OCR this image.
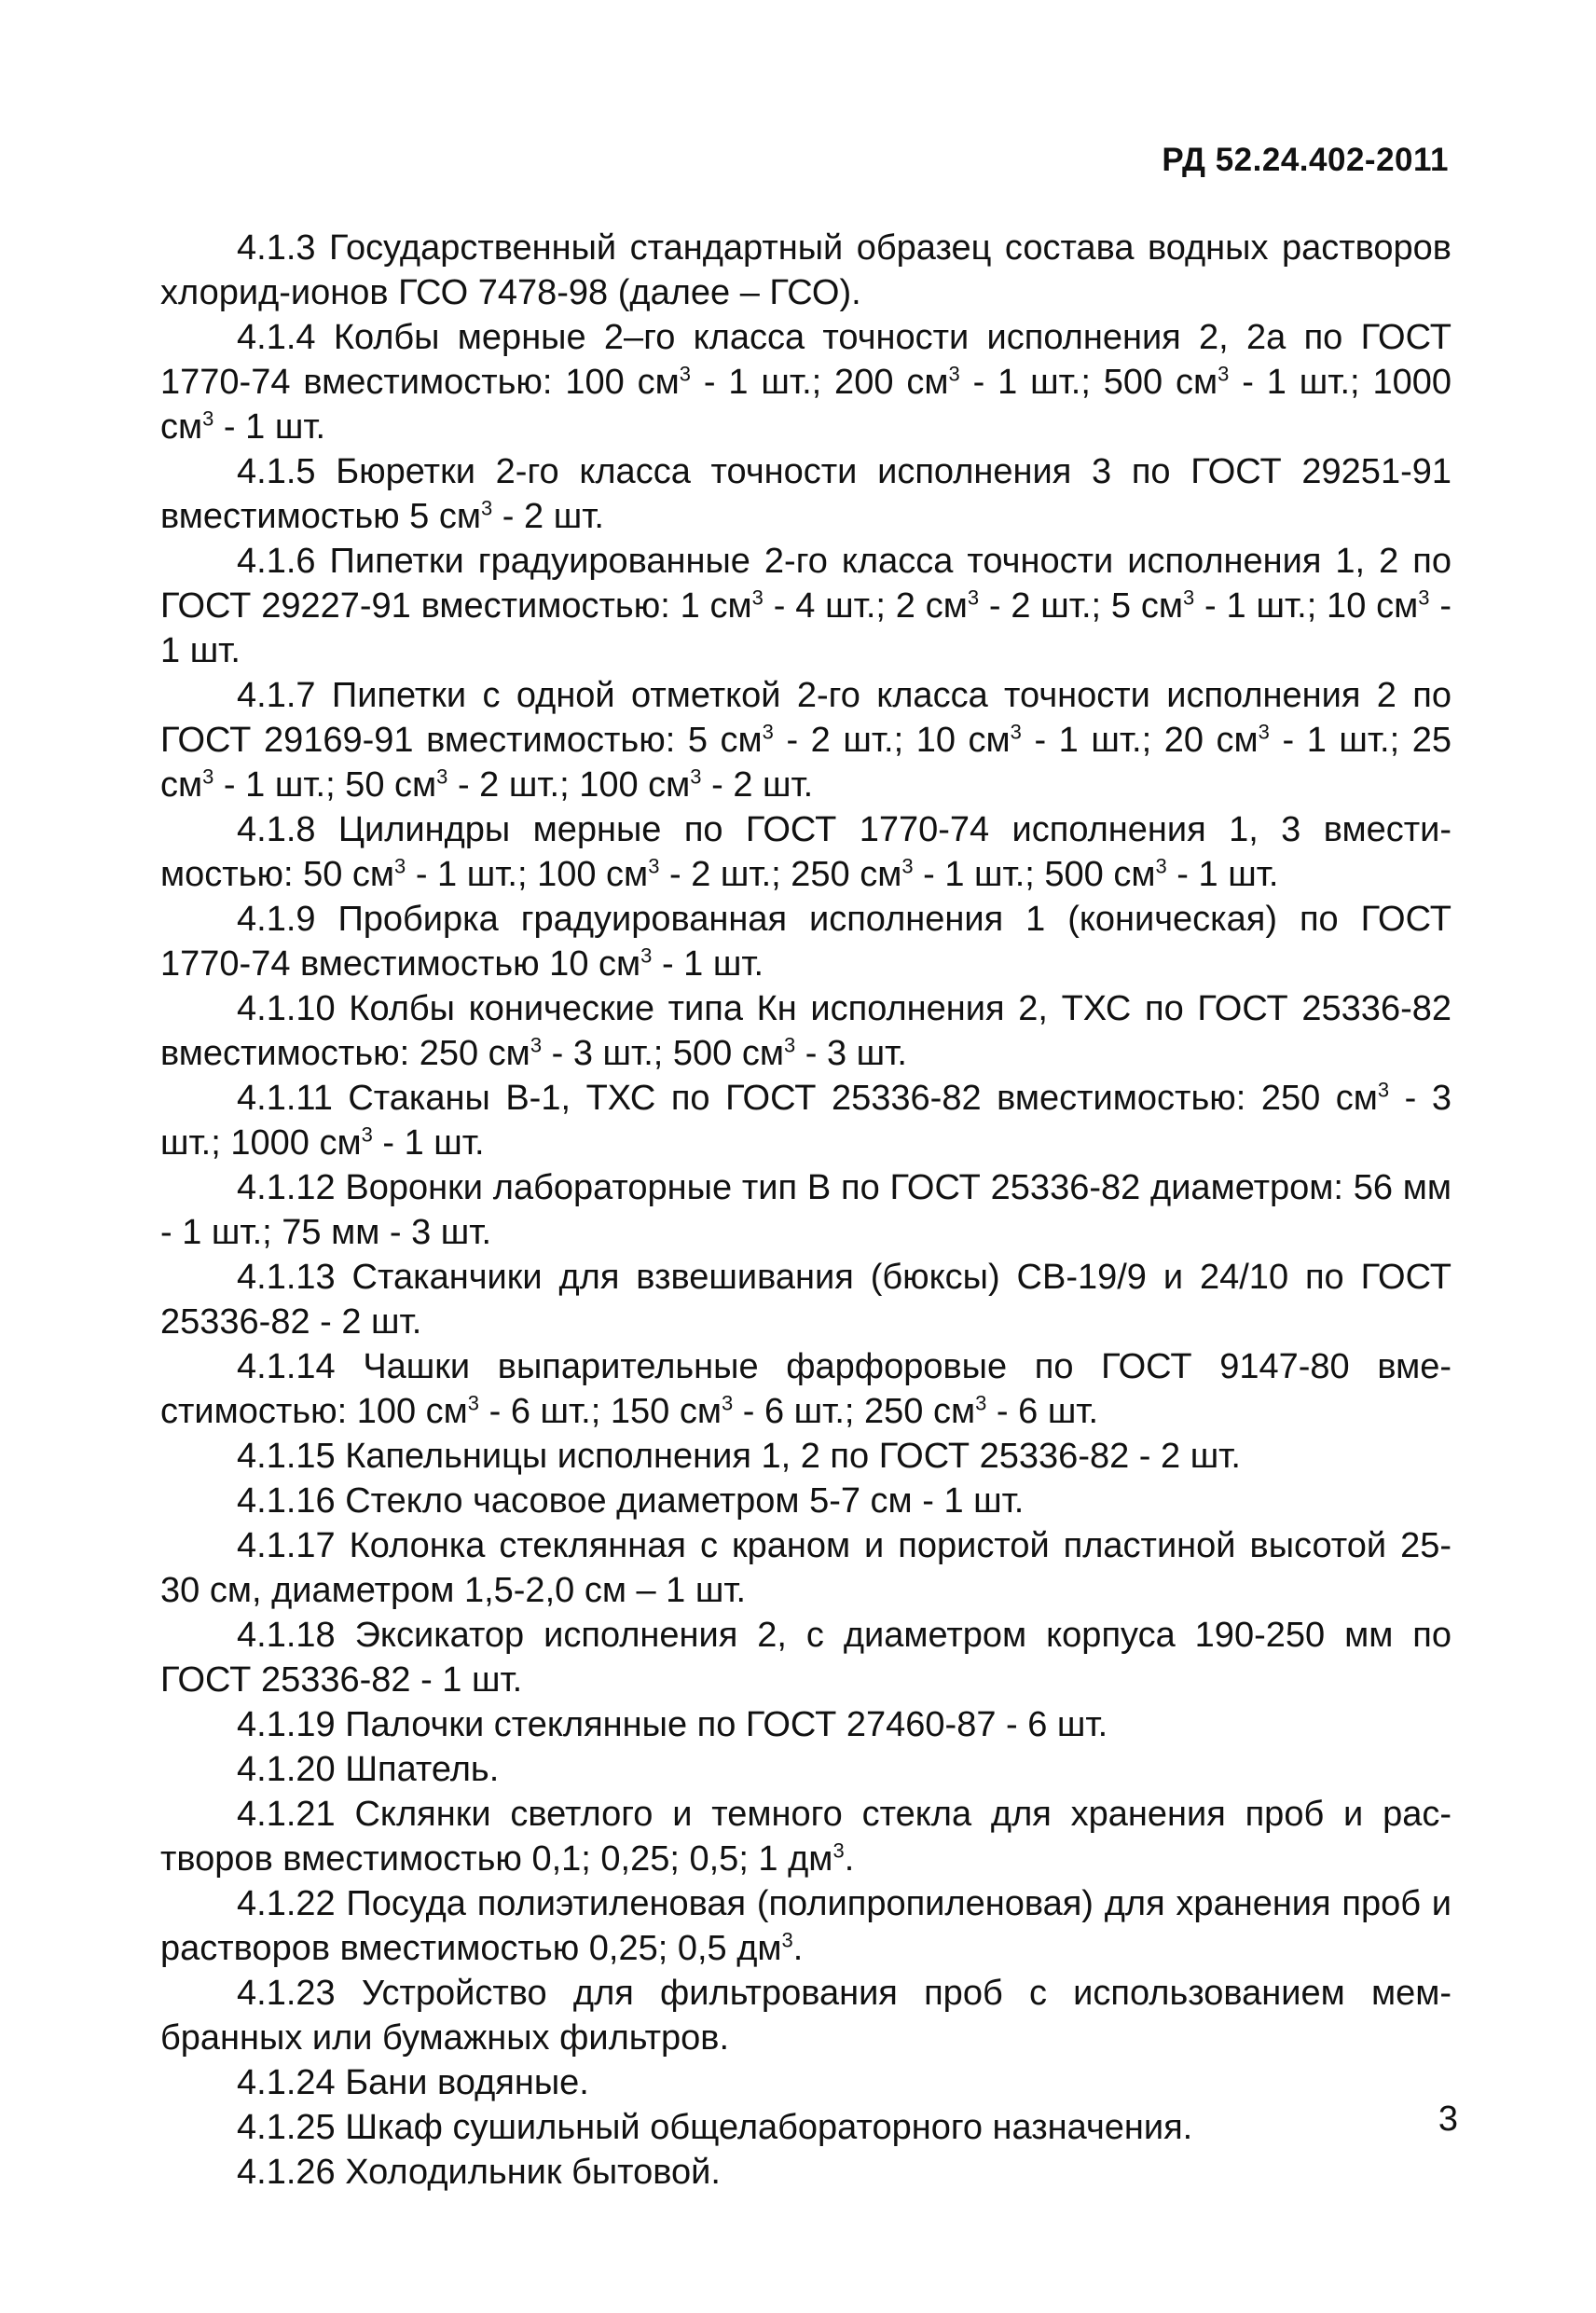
РД 52.24.402-2011

4.1.3 Государственный стандартный образец состава водных растворов хлорид-ионов ГСО 7478-98 (далее – ГСО).

4.1.4 Колбы мерные 2–го класса точности исполнения 2, 2а по ГОСТ 1770-74 вместимостью: 100 $см^3 - 1$ шт.; 200 $см^3 - 1$ шт.; 500 $см^3 - 1$ шт.; 1000 $см^3 - 1$ шт.

4.1.5 Бюретки 2-го класса точности исполнения 3 по ГОСТ 29251-91 вместимостью 5 $см^3 - 2$ шт.

4.1.6 Пипетки градуированные 2-го класса точности исполнения 1, 2 по ГОСТ 29227-91 вместимостью: 1 $см^3 - 4$ шт.; 2 $см^3 - 2$ шт.; 5 $см^3 - 1$ шт.; 10 $см^3 - 1$ шт.

4.1.7 Пипетки с одной отметкой 2-го класса точности исполнения 2 по ГОСТ 29169-91 вместимостью: 5 $см^3 - 2$ шт.; 10 $см^3 - 1$ шт.; 20 $см^3 - 1$ шт.; 25 $см^3 - 1$ шт.; 50 $см^3 - 2$ шт.; 100 $см^3 - 2$ шт.

4.1.8 Цилиндры мерные по ГОСТ 1770-74 исполнения 1, 3 вместимостью: 50 $см^3 - 1$ шт.; 100 $см^3 - 2$ шт.; 250 $см^3 - 1$ шт.; 500 $см^3 - 1$ шт.

4.1.9 Пробирка градуированная исполнения 1 (коническая) по ГОСТ 1770-74 вместимостью 10 $см^3 - 1$ шт.

4.1.10 Колбы конические типа Кн исполнения 2, ТХС по ГОСТ 25336-82 вместимостью: 250 $см^3 - 3$ шт.; 500 $см^3 - 3$ шт.

4.1.11 Стаканы В-1, ТХС по ГОСТ 25336-82 вместимостью: 250 $см^3 - 3$ шт.; 1000 $см^3 - 1$ шт.

4.1.12 Воронки лабораторные тип В по ГОСТ 25336-82 диаметром: 56 мм - 1 шт.; 75 мм - 3 шт.

4.1.13 Стаканчики для взвешивания (бюксы) СВ-19/9 и 24/10 по ГОСТ 25336-82 - 2 шт.

4.1.14 Чашки выпарительные фарфоровые по ГОСТ 9147-80 вместимостью: 100 $см^3 - 6$ шт.; 150 $см^3 - 6$ шт.; 250 $см^3 - 6$ шт.

4.1.15 Капельницы исполнения 1, 2 по ГОСТ 25336-82 - 2 шт.

4.1.16 Стекло часовое диаметром 5-7 см - 1 шт.

4.1.17 Колонка стеклянная с краном и пористой пластиной высотой 25-30 см, диаметром 1,5-2,0 см – 1 шт.

4.1.18 Эксикатор исполнения 2, с диаметром корпуса 190-250 мм по ГОСТ 25336-82 - 1 шт.

4.1.19 Палочки стеклянные по ГОСТ 27460-87 - 6 шт.

4.1.20 Шпатель.

4.1.21 Склянки светлого и темного стекла для хранения проб и растворов вместимостью 0,1; 0,25; 0,5; 1 $дм^3$.

4.1.22 Посуда полиэтиленовая (полипропиленовая) для хранения проб и растворов вместимостью 0,25; 0,5 $дм^3$.

4.1.23 Устройство для фильтрования проб с использованием мембранных или бумажных фильтров.

4.1.24 Бани водяные.

4.1.25 Шкаф сушильный общелабораторного назначения.

4.1.26 Холодильник бытовой.

3
